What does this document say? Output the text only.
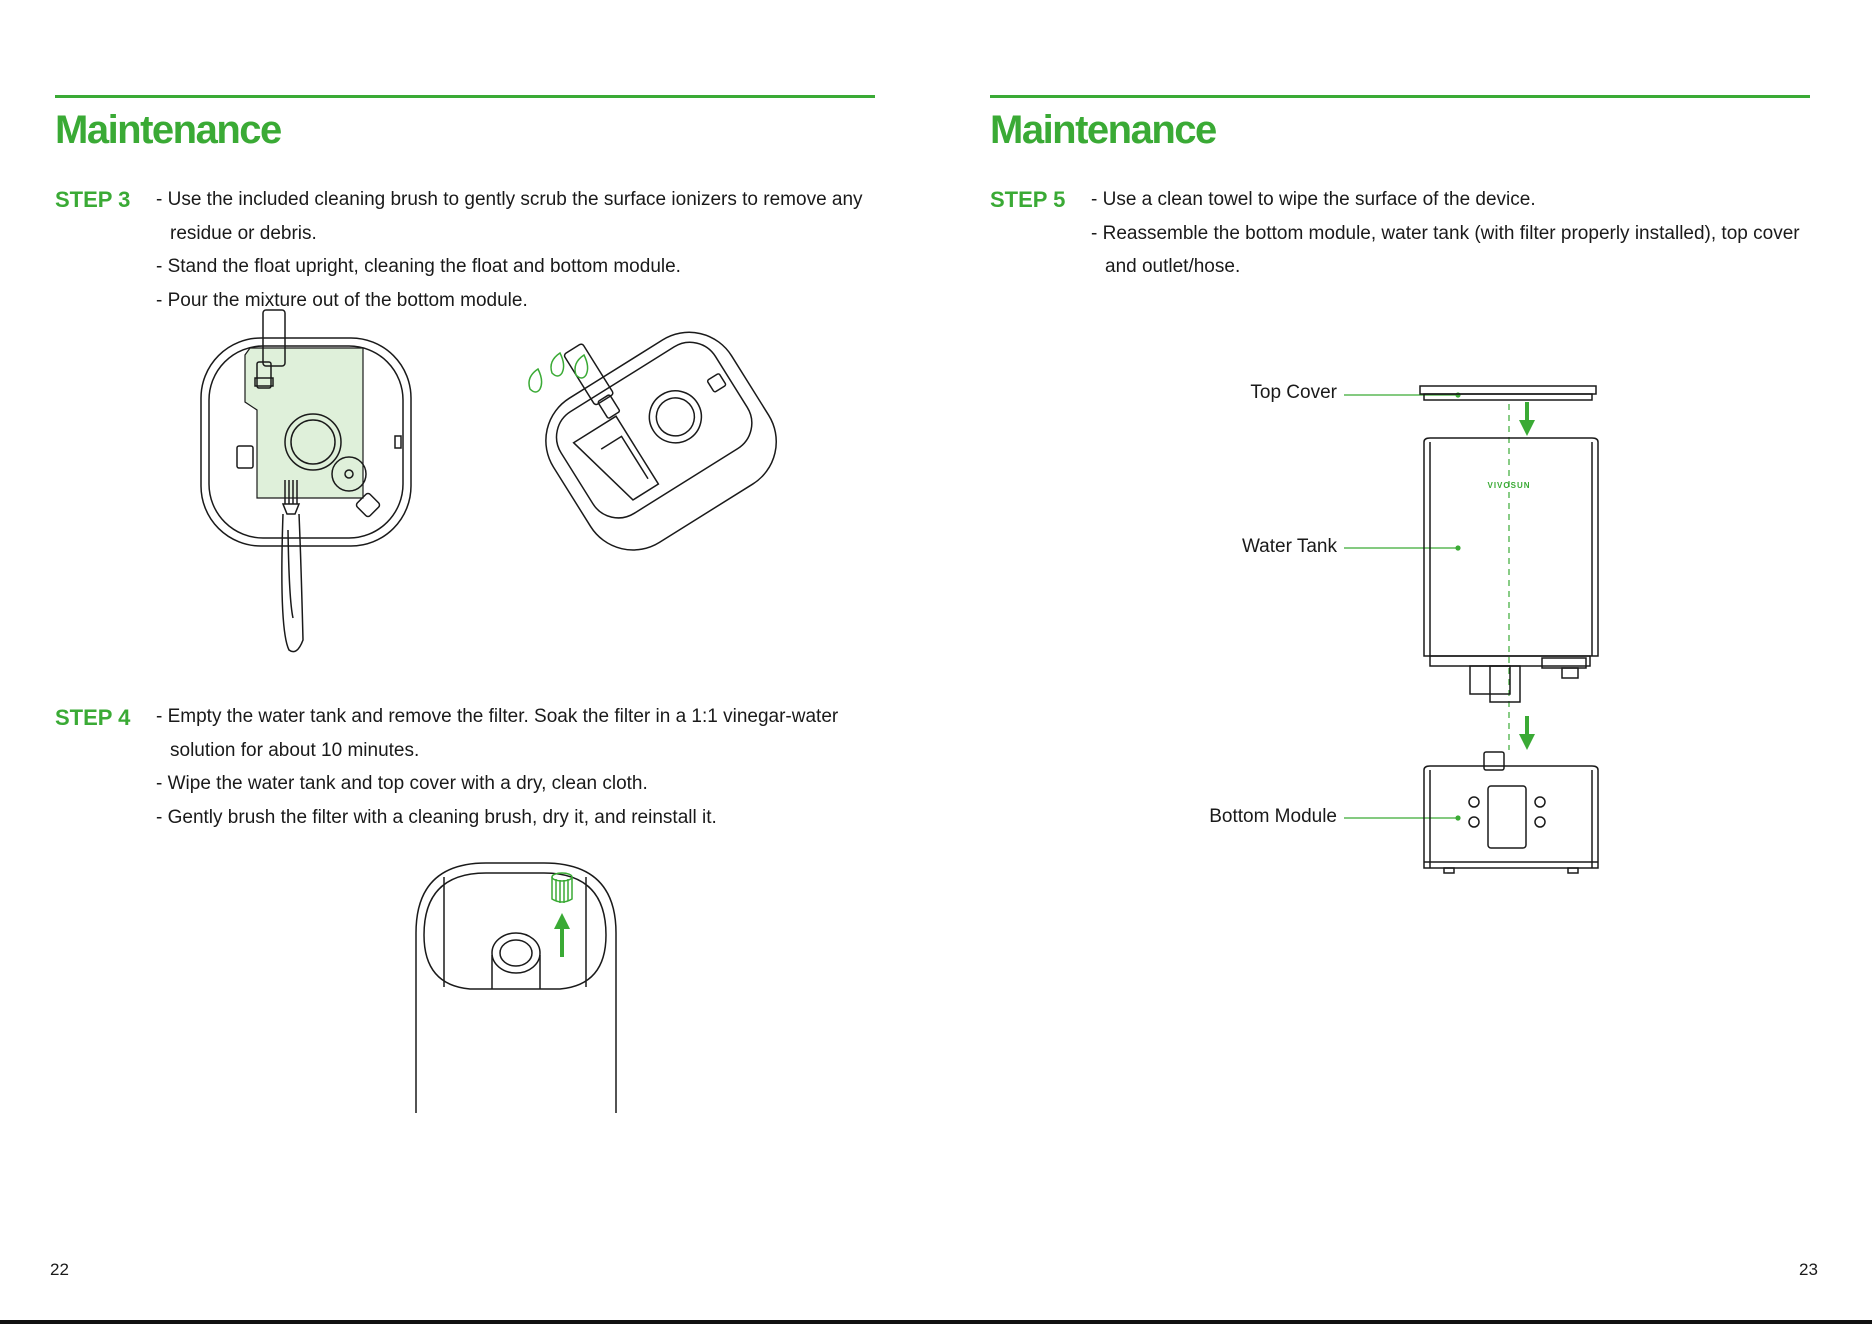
Maintenance
STEP 3 - Use the included cleaning brush to gently scrub the surface ionizers to remove any residue or debris.
- Stand the float upright, cleaning the float and bottom module.
- Pour the mixture out of the bottom module.
STEP 4 - Empty the water tank and remove the filter. Soak the filter in a 1:1 vinegar-water solution for about 10 minutes.
- Wipe the water tank and top cover with a dry, clean cloth.
- Gently brush the filter with a cleaning brush, dry it, and reinstall it.
22
Maintenance
STEP 5 - Use a clean towel to wipe the surface of the device.
- Reassemble the bottom module, water tank (with filter properly installed), top cover and outlet/hose.
Top Cover
Water Tank
Bottom Module
VIVOSUN
23
